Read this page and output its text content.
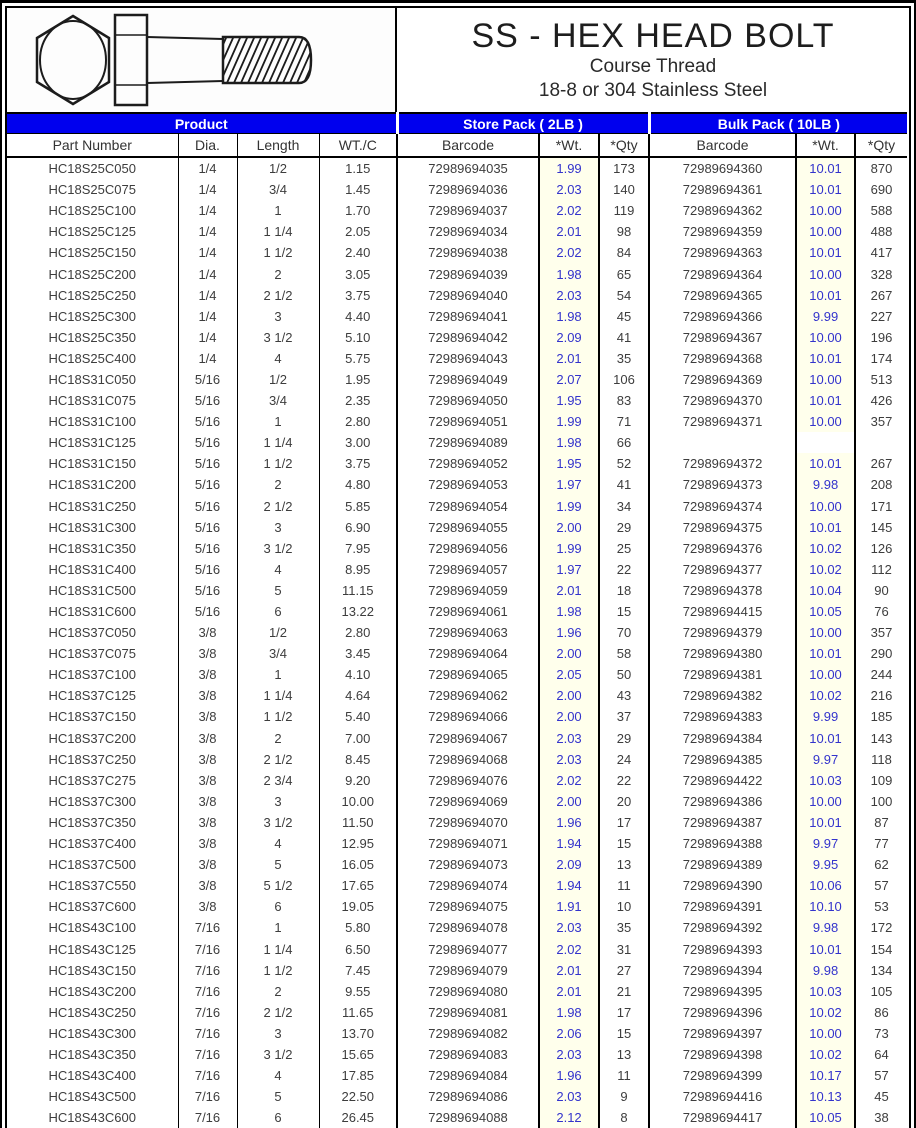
SS - HEX HEAD BOLT
Course Thread
18-8 or 304 Stainless Steel
Product				Store Pack ( 2LB )			Bulk Pack ( 10LB )		
Part Number	Dia.	Length	WT./C	Barcode	*Wt.	*Qty	Barcode	*Wt.	*Qty
HC18S25C050	1/4	1/2	1.15	72989694035	1.99	173	72989694360	10.01	870
HC18S25C075	1/4	3/4	1.45	72989694036	2.03	140	72989694361	10.01	690
HC18S25C100	1/4	1	1.70	72989694037	2.02	119	72989694362	10.00	588
HC18S25C125	1/4	1 1/4	2.05	72989694034	2.01	98	72989694359	10.00	488
HC18S25C150	1/4	1 1/2	2.40	72989694038	2.02	84	72989694363	10.01	417
HC18S25C200	1/4	2	3.05	72989694039	1.98	65	72989694364	10.00	328
HC18S25C250	1/4	2 1/2	3.75	72989694040	2.03	54	72989694365	10.01	267
HC18S25C300	1/4	3	4.40	72989694041	1.98	45	72989694366	9.99	227
HC18S25C350	1/4	3 1/2	5.10	72989694042	2.09	41	72989694367	10.00	196
HC18S25C400	1/4	4	5.75	72989694043	2.01	35	72989694368	10.01	174
HC18S31C050	5/16	1/2	1.95	72989694049	2.07	106	72989694369	10.00	513
HC18S31C075	5/16	3/4	2.35	72989694050	1.95	83	72989694370	10.01	426
HC18S31C100	5/16	1	2.80	72989694051	1.99	71	72989694371	10.00	357
HC18S31C125	5/16	1 1/4	3.00	72989694089	1.98	66			
HC18S31C150	5/16	1 1/2	3.75	72989694052	1.95	52	72989694372	10.01	267
HC18S31C200	5/16	2	4.80	72989694053	1.97	41	72989694373	9.98	208
HC18S31C250	5/16	2 1/2	5.85	72989694054	1.99	34	72989694374	10.00	171
HC18S31C300	5/16	3	6.90	72989694055	2.00	29	72989694375	10.01	145
HC18S31C350	5/16	3 1/2	7.95	72989694056	1.99	25	72989694376	10.02	126
HC18S31C400	5/16	4	8.95	72989694057	1.97	22	72989694377	10.02	112
HC18S31C500	5/16	5	11.15	72989694059	2.01	18	72989694378	10.04	90
HC18S31C600	5/16	6	13.22	72989694061	1.98	15	72989694415	10.05	76
HC18S37C050	3/8	1/2	2.80	72989694063	1.96	70	72989694379	10.00	357
HC18S37C075	3/8	3/4	3.45	72989694064	2.00	58	72989694380	10.01	290
HC18S37C100	3/8	1	4.10	72989694065	2.05	50	72989694381	10.00	244
HC18S37C125	3/8	1 1/4	4.64	72989694062	2.00	43	72989694382	10.02	216
HC18S37C150	3/8	1 1/2	5.40	72989694066	2.00	37	72989694383	9.99	185
HC18S37C200	3/8	2	7.00	72989694067	2.03	29	72989694384	10.01	143
HC18S37C250	3/8	2 1/2	8.45	72989694068	2.03	24	72989694385	9.97	118
HC18S37C275	3/8	2 3/4	9.20	72989694076	2.02	22	72989694422	10.03	109
HC18S37C300	3/8	3	10.00	72989694069	2.00	20	72989694386	10.00	100
HC18S37C350	3/8	3 1/2	11.50	72989694070	1.96	17	72989694387	10.01	87
HC18S37C400	3/8	4	12.95	72989694071	1.94	15	72989694388	9.97	77
HC18S37C500	3/8	5	16.05	72989694073	2.09	13	72989694389	9.95	62
HC18S37C550	3/8	5 1/2	17.65	72989694074	1.94	11	72989694390	10.06	57
HC18S37C600	3/8	6	19.05	72989694075	1.91	10	72989694391	10.10	53
HC18S43C100	7/16	1	5.80	72989694078	2.03	35	72989694392	9.98	172
HC18S43C125	7/16	1 1/4	6.50	72989694077	2.02	31	72989694393	10.01	154
HC18S43C150	7/16	1 1/2	7.45	72989694079	2.01	27	72989694394	9.98	134
HC18S43C200	7/16	2	9.55	72989694080	2.01	21	72989694395	10.03	105
HC18S43C250	7/16	2 1/2	11.65	72989694081	1.98	17	72989694396	10.02	86
HC18S43C300	7/16	3	13.70	72989694082	2.06	15	72989694397	10.00	73
HC18S43C350	7/16	3 1/2	15.65	72989694083	2.03	13	72989694398	10.02	64
HC18S43C400	7/16	4	17.85	72989694084	1.96	11	72989694399	10.17	57
HC18S43C500	7/16	5	22.50	72989694086	2.03	9	72989694416	10.13	45
HC18S43C600	7/16	6	26.45	72989694088	2.12	8	72989694417	10.05	38
